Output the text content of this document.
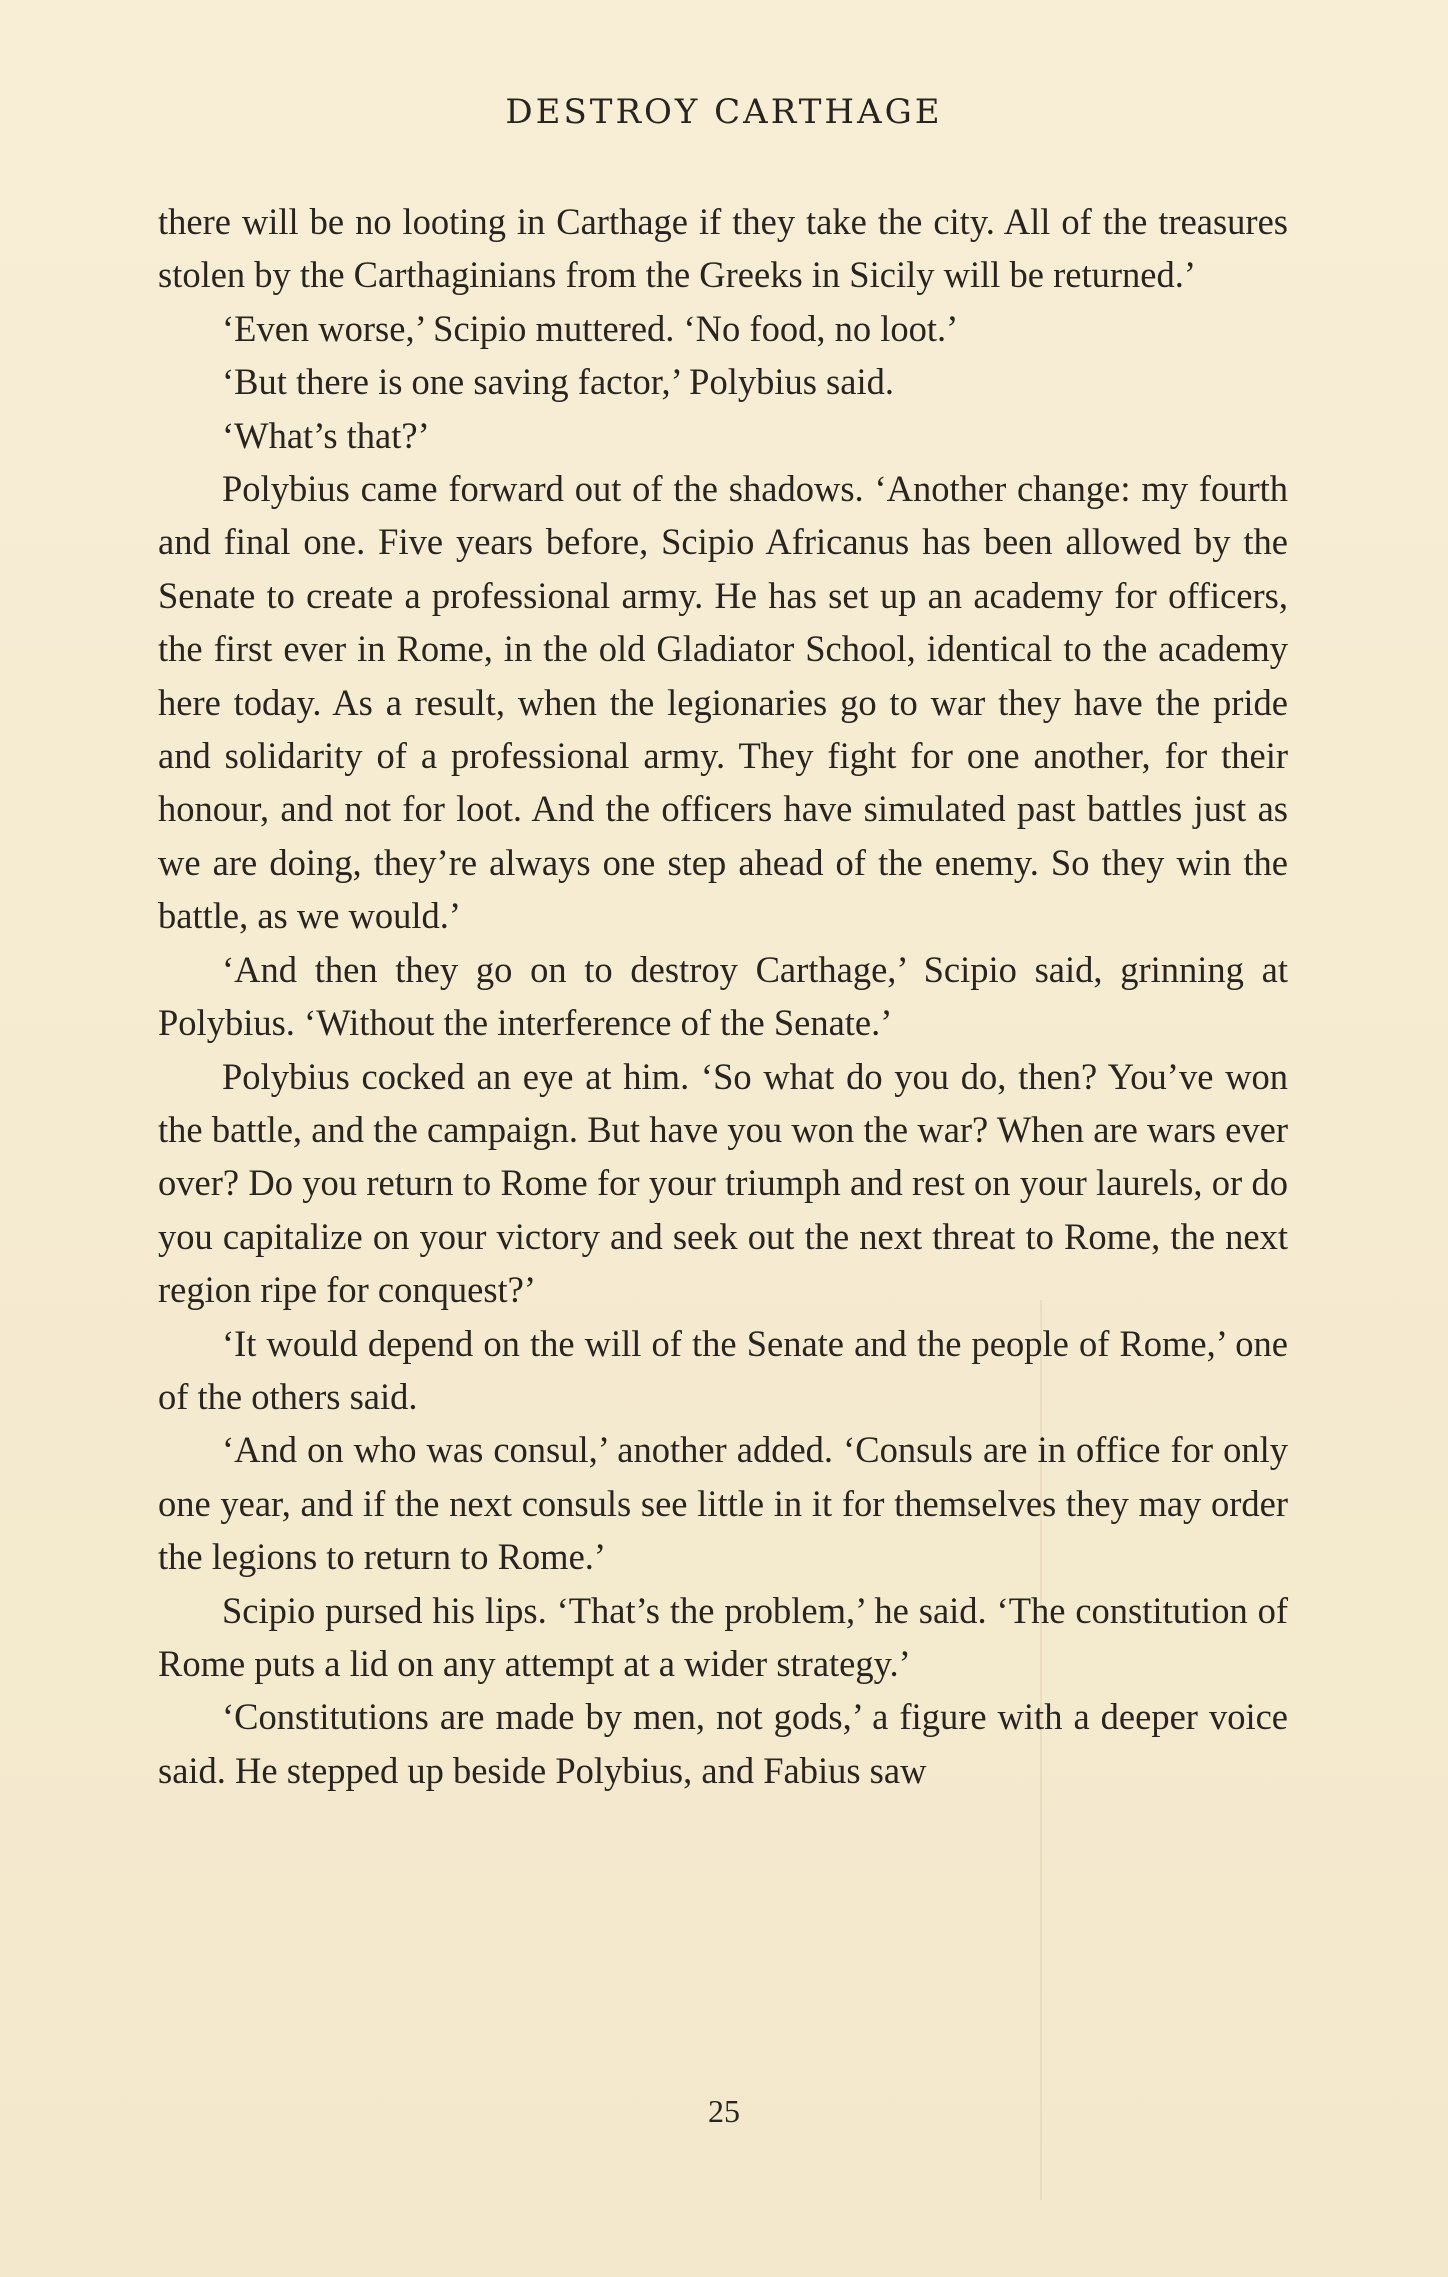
DESTROY CARTHAGE

there will be no looting in Carthage if they take the city. All of the treasures stolen by the Carthaginians from the Greeks in Sicily will be returned.’

‘Even worse,’ Scipio muttered. ‘No food, no loot.’

‘But there is one saving factor,’ Polybius said.

‘What’s that?’

Polybius came forward out of the shadows. ‘Another change: my fourth and final one. Five years before, Scipio Africanus has been allowed by the Senate to create a professional army. He has set up an academy for officers, the first ever in Rome, in the old Gladiator School, identical to the academy here today. As a result, when the legionaries go to war they have the pride and solidarity of a professional army. They fight for one another, for their honour, and not for loot. And the officers have simulated past battles just as we are doing, they’re always one step ahead of the enemy. So they win the battle, as we would.’

‘And then they go on to destroy Carthage,’ Scipio said, grinning at Polybius. ‘Without the interference of the Senate.’

Polybius cocked an eye at him. ‘So what do you do, then? You’ve won the battle, and the campaign. But have you won the war? When are wars ever over? Do you return to Rome for your triumph and rest on your laurels, or do you capitalize on your victory and seek out the next threat to Rome, the next region ripe for conquest?’

‘It would depend on the will of the Senate and the people of Rome,’ one of the others said.

‘And on who was consul,’ another added. ‘Consuls are in office for only one year, and if the next consuls see little in it for themselves they may order the legions to return to Rome.’

Scipio pursed his lips. ‘That’s the problem,’ he said. ‘The constitution of Rome puts a lid on any attempt at a wider strategy.’

‘Constitutions are made by men, not gods,’ a figure with a deeper voice said. He stepped up beside Polybius, and Fabius saw

25
